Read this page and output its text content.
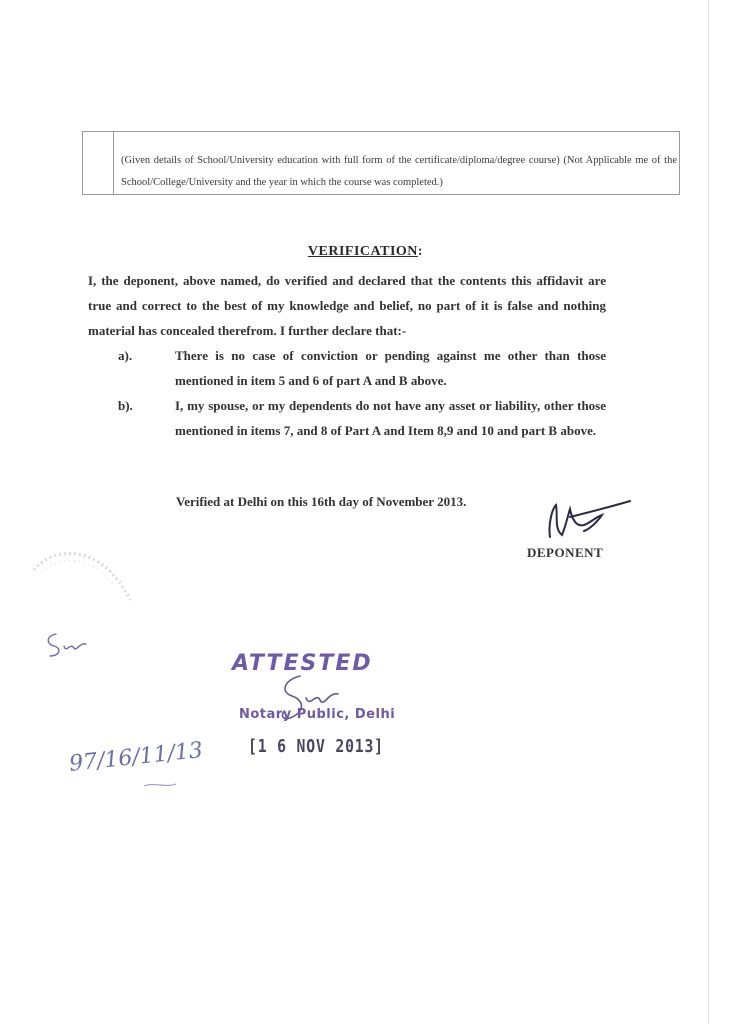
(Given details of School/University education with full form of the certificate/diploma/degree course) (Not Applicable me of the School/College/University and the year in which the course was completed.)
VERIFICATION:
I, the deponent, above named, do verified and declared that the contents this affidavit are true and correct to the best of my knowledge and belief, no part of it is false and nothing material has concealed therefrom. I further declare that:-
a).	There is no case of conviction or pending against me other than those mentioned in item 5 and 6 of part A and B above.
b).	I, my spouse, or my dependents do not have any asset or liability, other those mentioned in items 7, and 8 of Part A and Item 8,9 and 10 and part B above.
Verified at Delhi on this 16th day of November 2013.
DEPONENT
ATTESTED
Notary Public, Delhi
[1 6 NOV 2013]
97/16/11/13
